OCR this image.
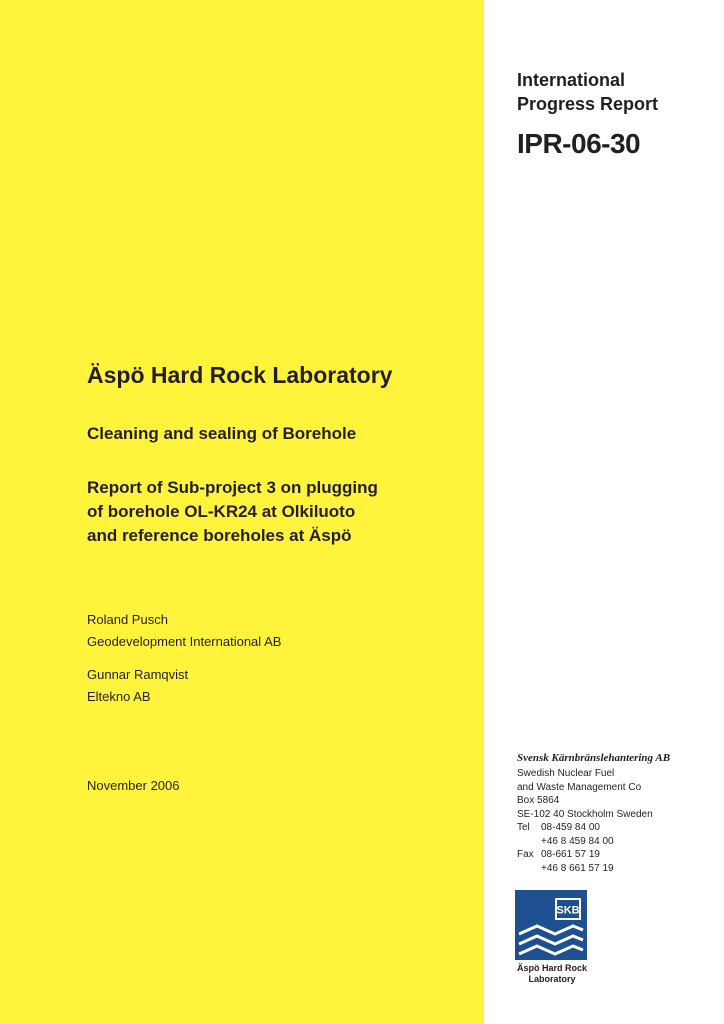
International
Progress Report
IPR-06-30
Äspö Hard Rock Laboratory
Cleaning and sealing of Borehole
Report of Sub-project 3 on plugging
of borehole OL-KR24 at Olkiluoto
and reference boreholes at Äspö
Roland Pusch
Geodevelopment International AB
Gunnar Ramqvist
Eltekno AB
November 2006
Svensk Kärnbränslehantering AB
Swedish Nuclear Fuel
and Waste Management Co
Box 5864
SE-102 40 Stockholm Sweden
Tel 08-459 84 00
+46 8 459 84 00
Fax 08-661 57 19
+46 8 661 57 19
SKB
Äspö Hard Rock
Laboratory
